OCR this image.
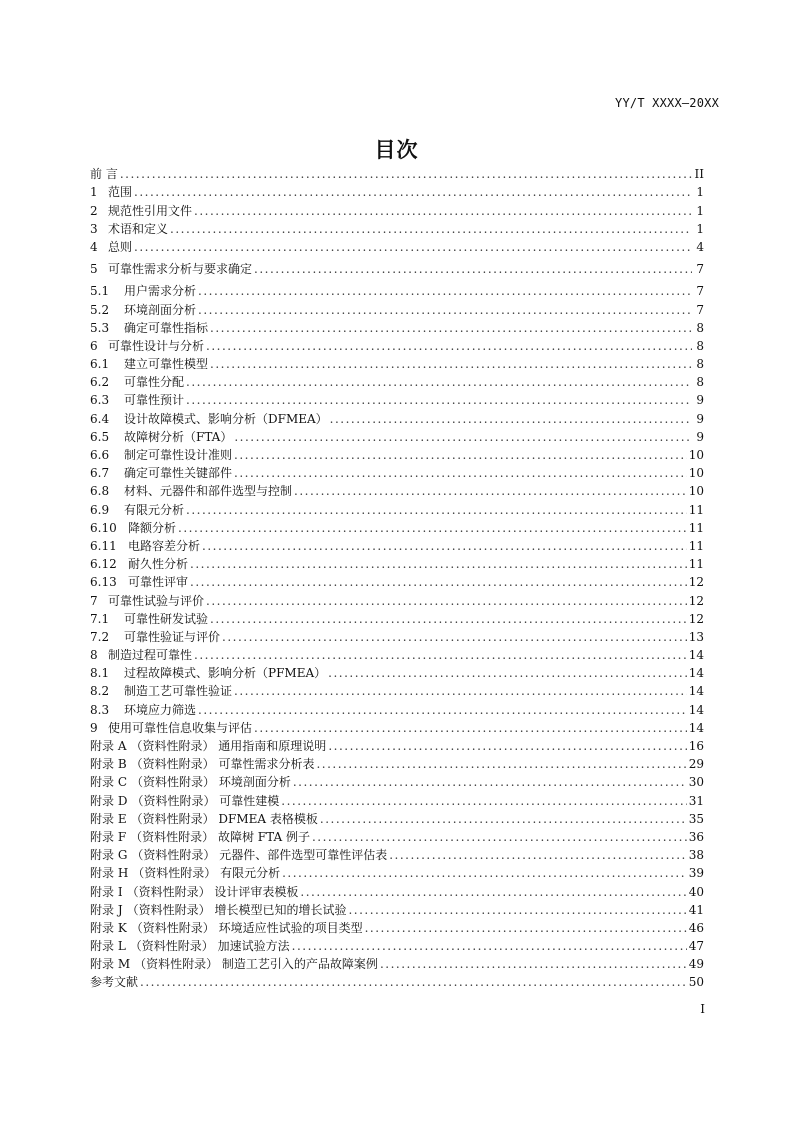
YY/T XXXX—20XX
目次
前 言 .....	II
1 范围 .....	1
2 规范性引用文件 .....	1
3 术语和定义 .....	1
4 总则 .....	4
5 可靠性需求分析与要求确定 .....	7
5.1	用户需求分析 .....	7
5.2	环境剖面分析 .....	7
5.3	确定可靠性指标 .....	8
6 可靠性设计与分析 .....	8
6.1	建立可靠性模型 .....	8
6.2	可靠性分配 .....	8
6.3	可靠性预计 .....	9
6.4	设计故障模式、影响分析（DFMEA） .....	9
6.5	故障树分析（FTA） .....	9
6.6	制定可靠性设计准则 .....	10
6.7	确定可靠性关键部件 .....	10
6.8	材料、元器件和部件选型与控制 .....	10
6.9	有限元分析 .....	11
6.10 降额分析 .....	11
6.11 电路容差分析 .....	11
6.12 耐久性分析 .....	11
6.13 可靠性评审 .....	12
7 可靠性试验与评价 .....	12
7.1	可靠性研发试验 .....	12
7.2	可靠性验证与评价 .....	13
8 制造过程可靠性 .....	14
8.1	过程故障模式、影响分析（PFMEA） .....	14
8.2	制造工艺可靠性验证 .....	14
8.3	环境应力筛选 .....	14
9 使用可靠性信息收集与评估 .....	14
附录 A （资料性附录） 通用指南和原理说明 .....	16
附录 B （资料性附录） 可靠性需求分析表 .....	29
附录 C （资料性附录） 环境剖面分析 .....	30
附录 D （资料性附录） 可靠性建模 .....	31
附录 E （资料性附录） DFMEA 表格模板 .....	35
附录 F （资料性附录） 故障树 FTA 例子 .....	36
附录 G （资料性附录） 元器件、部件选型可靠性评估表 .....	38
附录 H （资料性附录） 有限元分析 .....	39
附录 I （资料性附录） 设计评审表模板 .....	40
附录 J （资料性附录） 增长模型已知的增长试验 .....	41
附录 K （资料性附录） 环境适应性试验的项目类型 .....	46
附录 L （资料性附录） 加速试验方法 .....	47
附录 M （资料性附录） 制造工艺引入的产品故障案例 .....	49
参考文献 .....	50
I
